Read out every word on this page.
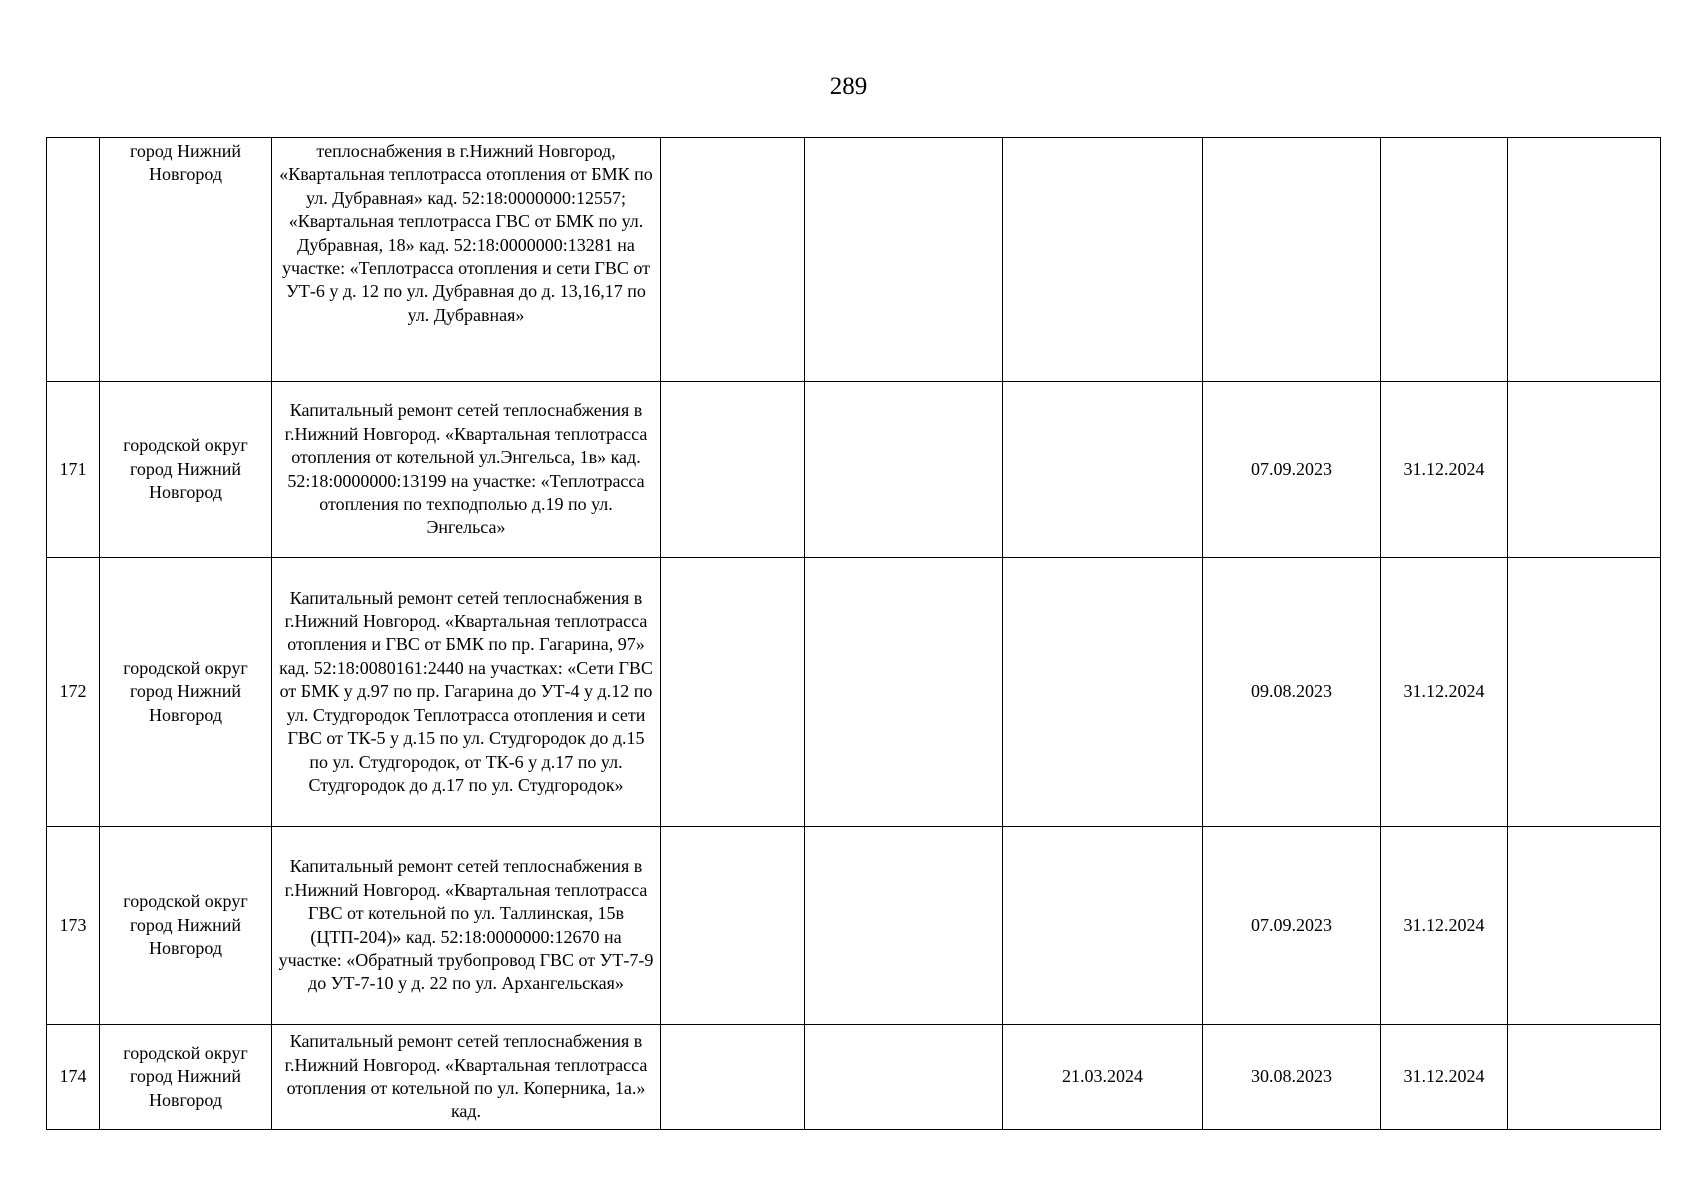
289
	город Нижний Новгород	теплоснабжения в г.Нижний Новгород, «Квартальная теплотрасса отопления от БМК по ул. Дубравная» кад. 52:18:0000000:12557; «Квартальная теплотрасса ГВС от БМК по ул. Дубравная, 18» кад. 52:18:0000000:13281 на участке: «Теплотрасса отопления и сети ГВС от УТ-6 у д. 12 по ул. Дубравная до д. 13,16,17 по ул. Дубравная»						
171	городской округ город Нижний Новгород	Капитальный ремонт сетей теплоснабжения в г.Нижний Новгород. «Квартальная теплотрасса отопления от котельной ул.Энгельса, 1в» кад. 52:18:0000000:13199 на участке: «Теплотрасса отопления по техподполью д.19 по ул. Энгельса»				07.09.2023	31.12.2024	
172	городской округ город Нижний Новгород	Капитальный ремонт сетей теплоснабжения в г.Нижний Новгород. «Квартальная теплотрасса отопления и ГВС от БМК по пр. Гагарина, 97» кад. 52:18:0080161:2440 на участках: «Сети ГВС от БМК у д.97 по пр. Гагарина до УТ-4 у д.12 по ул. Студгородок Теплотрасса отопления и сети ГВС от ТК-5 у д.15 по ул. Студгородок до д.15 по ул. Студгородок, от ТК-6 у д.17 по ул. Студгородок до д.17 по ул. Студгородок»				09.08.2023	31.12.2024	
173	городской округ город Нижний Новгород	Капитальный ремонт сетей теплоснабжения в г.Нижний Новгород. «Квартальная теплотрасса ГВС от котельной по ул. Таллинская, 15в (ЦТП-204)» кад. 52:18:0000000:12670 на участке: «Обратный трубопровод ГВС от УТ-7-9 до УТ-7-10 у д. 22 по ул. Архангельская»				07.09.2023	31.12.2024	
174	городской округ город Нижний Новгород	Капитальный ремонт сетей теплоснабжения в г.Нижний Новгород. «Квартальная теплотрасса отопления от котельной по ул. Коперника, 1а.» кад.			21.03.2024	30.08.2023	31.12.2024	
